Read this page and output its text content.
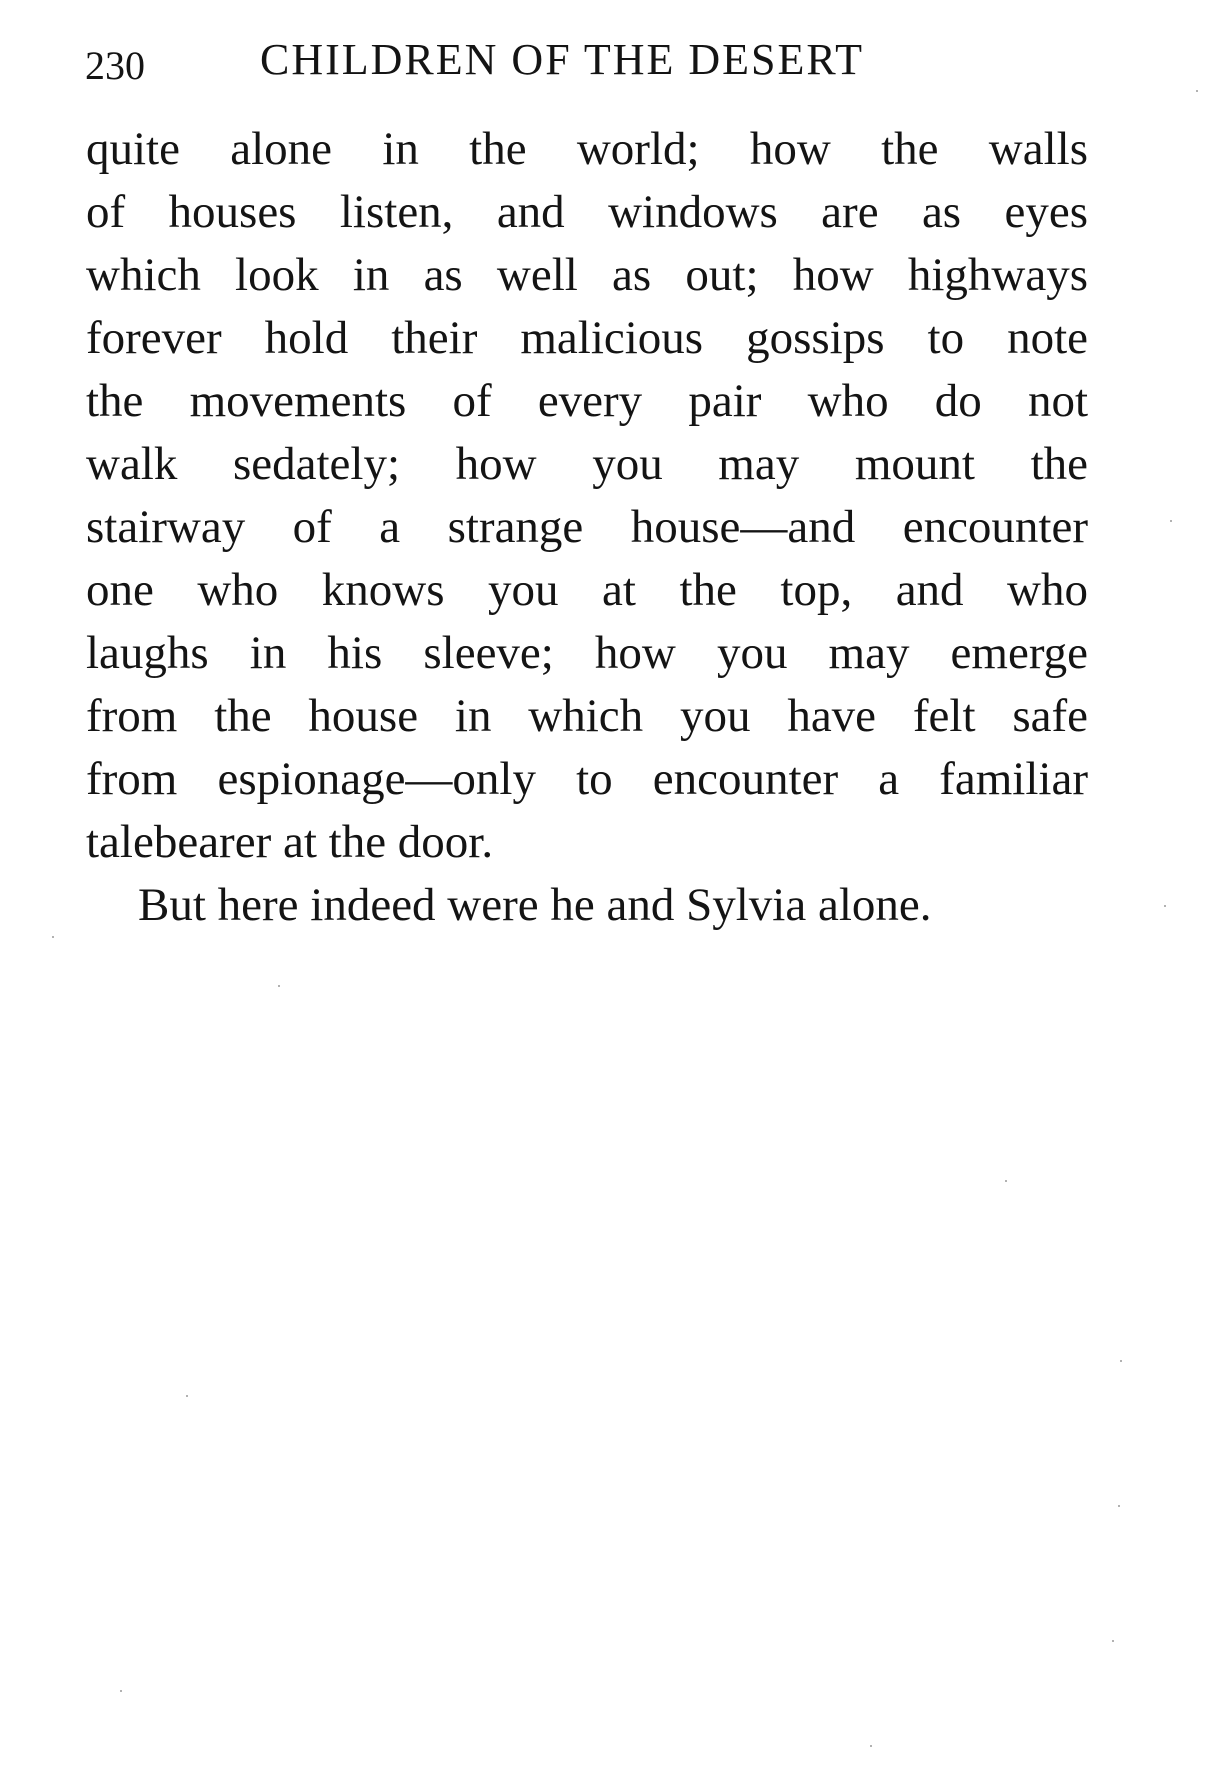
230	CHILDREN OF THE DESERT
quite alone in the world; how the walls
of houses listen, and windows are as eyes
which look in as well as out; how highways
forever hold their malicious gossips to note
the movements of every pair who do not
walk sedately; how you may mount the
stairway of a strange house—and encounter
one who knows you at the top, and who
laughs in his sleeve; how you may emerge
from the house in which you have felt safe
from espionage—only to encounter a familiar
talebearer at the door.
But here indeed were he and Sylvia alone.
